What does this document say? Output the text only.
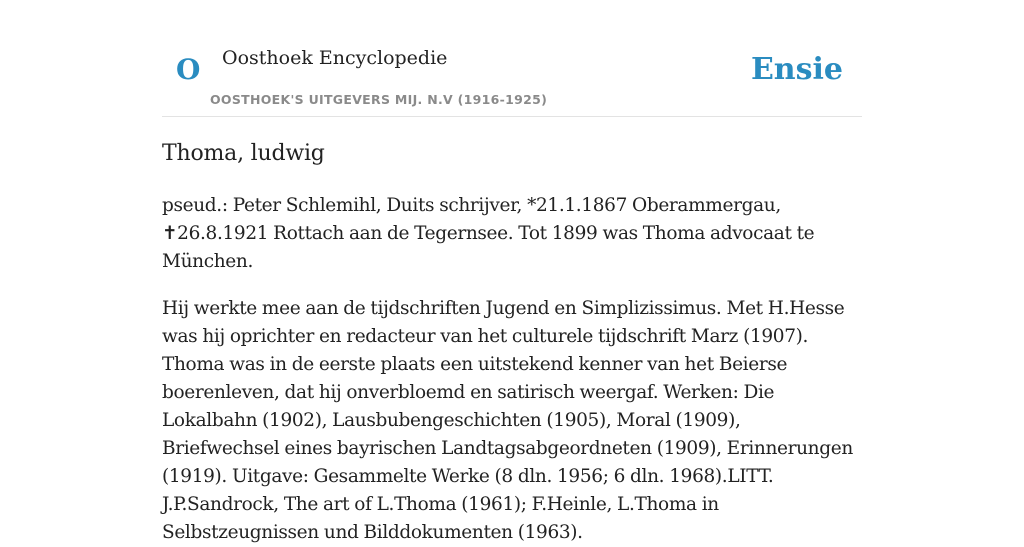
O Oosthoek Encyclopedie
OOSTHOEK'S UITGEVERS MIJ. N.V (1916-1925)
Ensie
Thoma, ludwig

pseud.: Peter Schlemihl, Duits schrijver, *21.1.1867 Oberammergau, ✝26.8.1921 Rottach aan de Tegernsee. Tot 1899 was Thoma advocaat te München.

Hij werkte mee aan de tijdschriften Jugend en Simplizissimus. Met H.Hesse was hij oprichter en redacteur van het culturele tijdschrift Marz (1907). Thoma was in de eerste plaats een uitstekend kenner van het Beierse boerenleven, dat hij onverbloemd en satirisch weergaf. Werken: Die Lokalbahn (1902), Lausbubengeschichten (1905), Moral (1909), Briefwechsel eines bayrischen Landtagsabgeordneten (1909), Erinnerungen (1919). Uitgave: Gesammelte Werke (8 dln. 1956; 6 dln. 1968).LITT. J.P.Sandrock, The art of L.Thoma (1961); F.Heinle, L.Thoma in Selbstzeugnissen und Bilddokumenten (1963).
